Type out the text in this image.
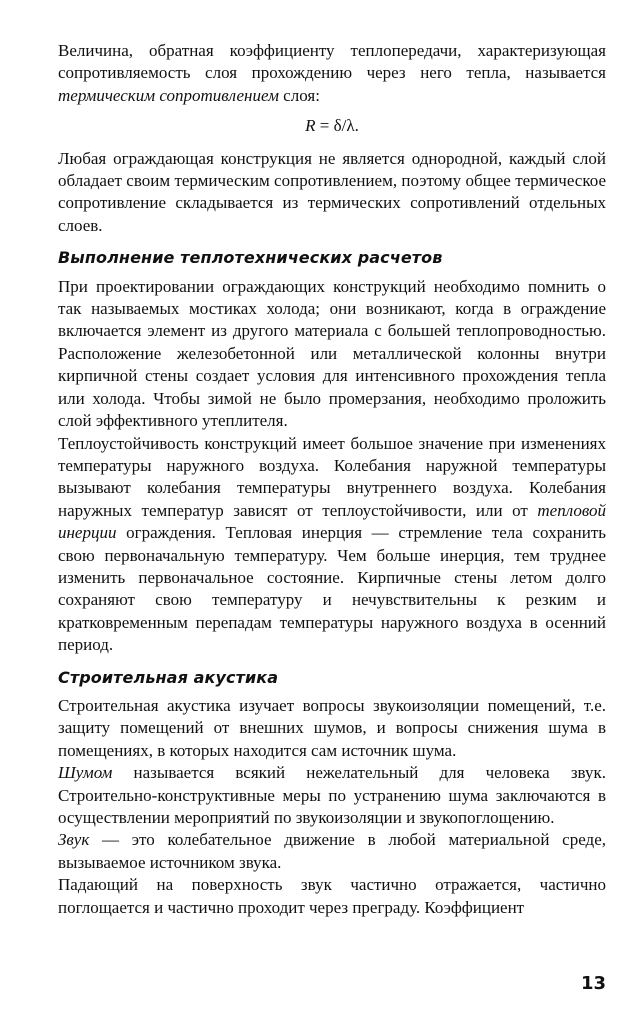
Величина, обратная коэффициенту теплопередачи, характеризующая сопротивляемость слоя прохождению через него тепла, называется термическим сопротивлением слоя:

R = δ/λ.

Любая ограждающая конструкция не является однородной, каждый слой обладает своим термическим сопротивлением, поэтому общее термическое сопротивление складывается из термических сопротивлений отдельных слоев.

Выполнение теплотехнических расчетов

При проектировании ограждающих конструкций необходимо помнить о так называемых мостиках холода; они возникают, когда в ограждение включается элемент из другого материала с большей теплопроводностью. Расположение железобетонной или металлической колонны внутри кирпичной стены создает условия для интенсивного прохождения тепла или холода. Чтобы зимой не было промерзания, необходимо проложить слой эффективного утеплителя.

Теплоустойчивость конструкций имеет большое значение при изменениях температуры наружного воздуха. Колебания наружной температуры вызывают колебания температуры внутреннего воздуха. Колебания наружных температур зависят от теплоустойчивости, или от тепловой инерции ограждения. Тепловая инерция — стремление тела сохранить свою первоначальную температуру. Чем больше инерция, тем труднее изменить первоначальное состояние. Кирпичные стены летом долго сохраняют свою температуру и нечувствительны к резким и кратковременным перепадам температуры наружного воздуха в осенний период.

Строительная акустика

Строительная акустика изучает вопросы звукоизоляции помещений, т.е. защиту помещений от внешних шумов, и вопросы снижения шума в помещениях, в которых находится сам источник шума.

Шумом называется всякий нежелательный для человека звук. Строительно-конструктивные меры по устранению шума заключаются в осуществлении мероприятий по звукоизоляции и звукопоглощению.

Звук — это колебательное движение в любой материальной среде, вызываемое источником звука.

Падающий на поверхность звук частично отражается, частично поглощается и частично проходит через преграду. Коэффициент

13
